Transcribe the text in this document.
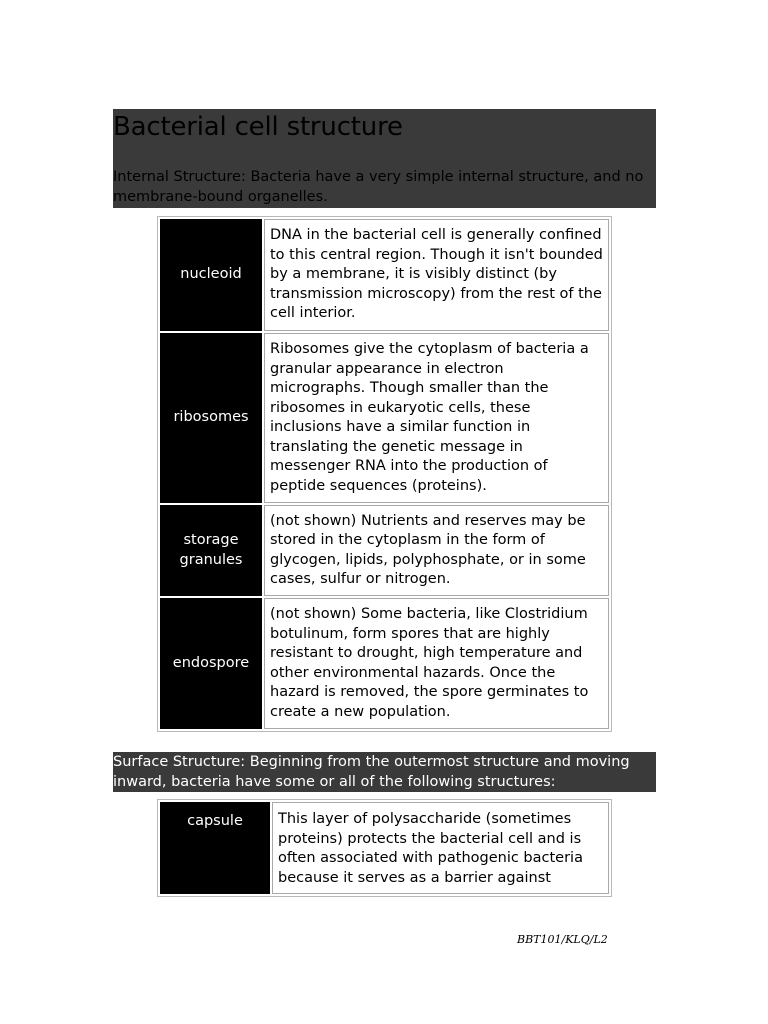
Bacterial cell structure
Internal Structure: Bacteria have a very simple internal structure, and no membrane-bound organelles.
nucleoid	DNA in the bacterial cell is generally confined to this central region. Though it isn't bounded by a membrane, it is visibly distinct (by transmission microscopy) from the rest of the cell interior.
ribosomes	Ribosomes give the cytoplasm of bacteria a granular appearance in electron micrographs. Though smaller than the ribosomes in eukaryotic cells, these inclusions have a similar function in translating the genetic message in messenger RNA into the production of peptide sequences (proteins).
storage granules	(not shown) Nutrients and reserves may be stored in the cytoplasm in the form of glycogen, lipids, polyphosphate, or in some cases, sulfur or nitrogen.
endospore	(not shown) Some bacteria, like Clostridium botulinum, form spores that are highly resistant to drought, high temperature and other environmental hazards. Once the hazard is removed, the spore germinates to create a new population.
Surface Structure: Beginning from the outermost structure and moving inward, bacteria have some or all of the following structures:
capsule	This layer of polysaccharide (sometimes proteins) protects the bacterial cell and is often associated with pathogenic bacteria because it serves as a barrier against
BBT101/KLQ/L2
